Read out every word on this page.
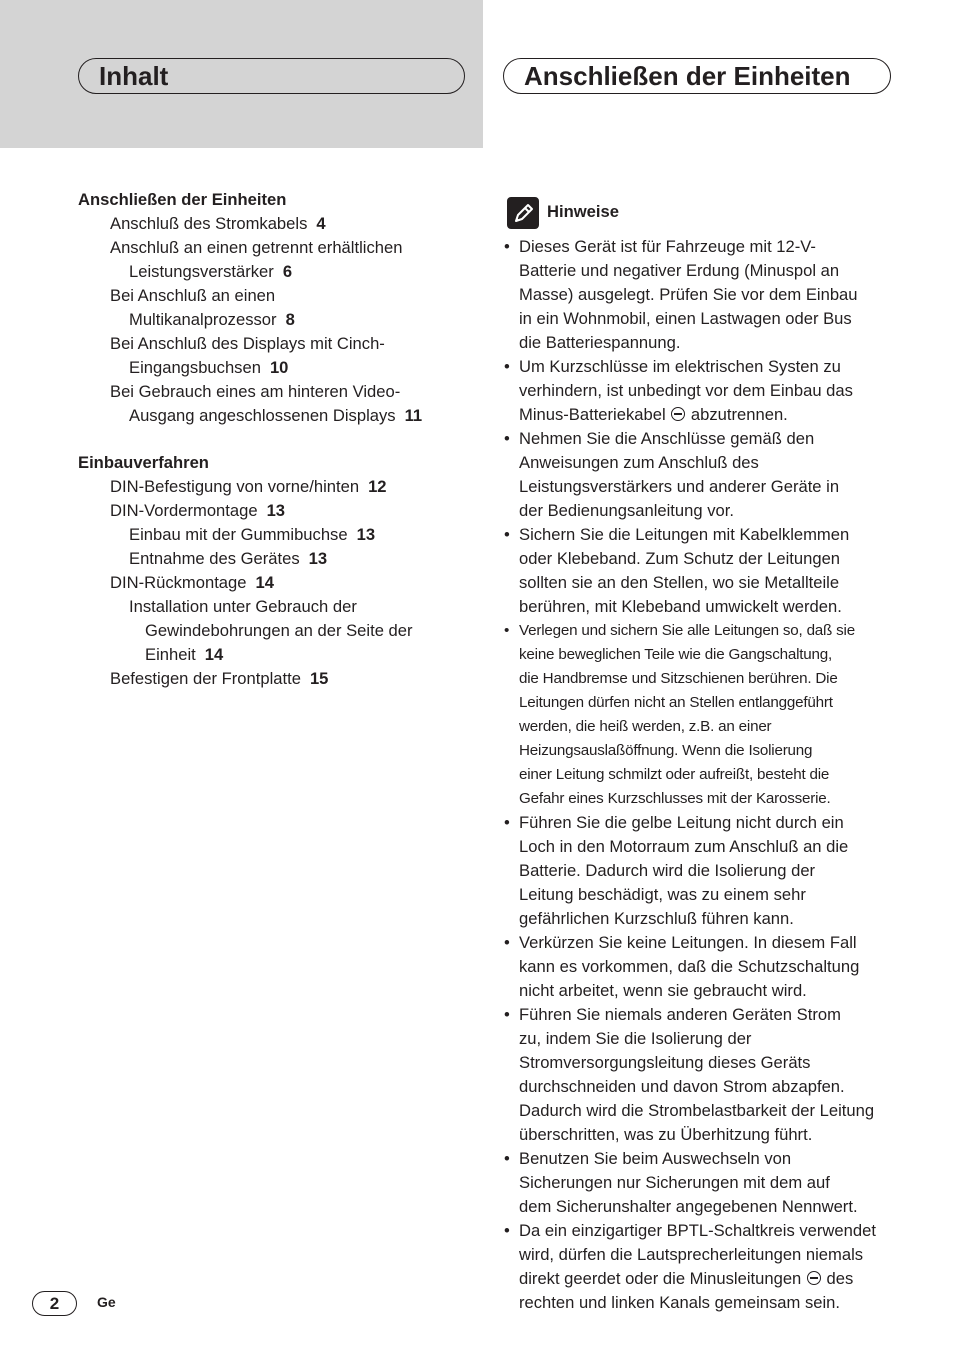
Inhalt	Anschließen der Einheiten
Anschließen der Einheiten
Anschluß des Stromkabels 4
Anschluß an einen getrennt erhältlichen
Leistungsverstärker 6
Bei Anschluß an einen
Multikanalprozessor 8
Bei Anschluß des Displays mit Cinch-
Eingangsbuchsen 10
Bei Gebrauch eines am hinteren Video-
Ausgang angeschlossenen Displays 11
Einbauverfahren
DIN-Befestigung von vorne/hinten 12
DIN-Vordermontage 13
Einbau mit der Gummibuchse 13
Entnahme des Gerätes 13
DIN-Rückmontage 14
Installation unter Gebrauch der
Gewindebohrungen an der Seite der
Einheit 14
Befestigen der Frontplatte 15
Hinweise
• Dieses Gerät ist für Fahrzeuge mit 12-V-
Batterie und negativer Erdung (Minuspol an
Masse) ausgelegt. Prüfen Sie vor dem Einbau
in ein Wohnmobil, einen Lastwagen oder Bus
die Batteriespannung.
• Um Kurzschlüsse im elektrischen Systen zu
verhindern, ist unbedingt vor dem Einbau das
Minus-Batteriekabel abzutrennen.
• Nehmen Sie die Anschlüsse gemäß den
Anweisungen zum Anschluß des
Leistungsverstärkers und anderer Geräte in
der Bedienungsanleitung vor.
• Sichern Sie die Leitungen mit Kabelklemmen
oder Klebeband. Zum Schutz der Leitungen
sollten sie an den Stellen, wo sie Metallteile
berühren, mit Klebeband umwickelt werden.
• Verlegen und sichern Sie alle Leitungen so, daß sie
keine beweglichen Teile wie die Gangschaltung,
die Handbremse und Sitzschienen berühren. Die
Leitungen dürfen nicht an Stellen entlanggeführt
werden, die heiß werden, z.B. an einer
Heizungsauslaßöffnung. Wenn die Isolierung
einer Leitung schmilzt oder aufreißt, besteht die
Gefahr eines Kurzschlusses mit der Karosserie.
• Führen Sie die gelbe Leitung nicht durch ein
Loch in den Motorraum zum Anschluß an die
Batterie. Dadurch wird die Isolierung der
Leitung beschädigt, was zu einem sehr
gefährlichen Kurzschluß führen kann.
• Verkürzen Sie keine Leitungen. In diesem Fall
kann es vorkommen, daß die Schutzschaltung
nicht arbeitet, wenn sie gebraucht wird.
• Führen Sie niemals anderen Geräten Strom
zu, indem Sie die Isolierung der
Stromversorgungsleitung dieses Geräts
durchschneiden und davon Strom abzapfen.
Dadurch wird die Strombelastbarkeit der Leitung
überschritten, was zu Überhitzung führt.
• Benutzen Sie beim Auswechseln von
Sicherungen nur Sicherungen mit dem auf
dem Sicherunshalter angegebenen Nennwert.
• Da ein einzigartiger BPTL-Schaltkreis verwendet
wird, dürfen die Lautsprecherleitungen niemals
direkt geerdet oder die Minusleitungen des
rechten und linken Kanals gemeinsam sein.
2	Ge
